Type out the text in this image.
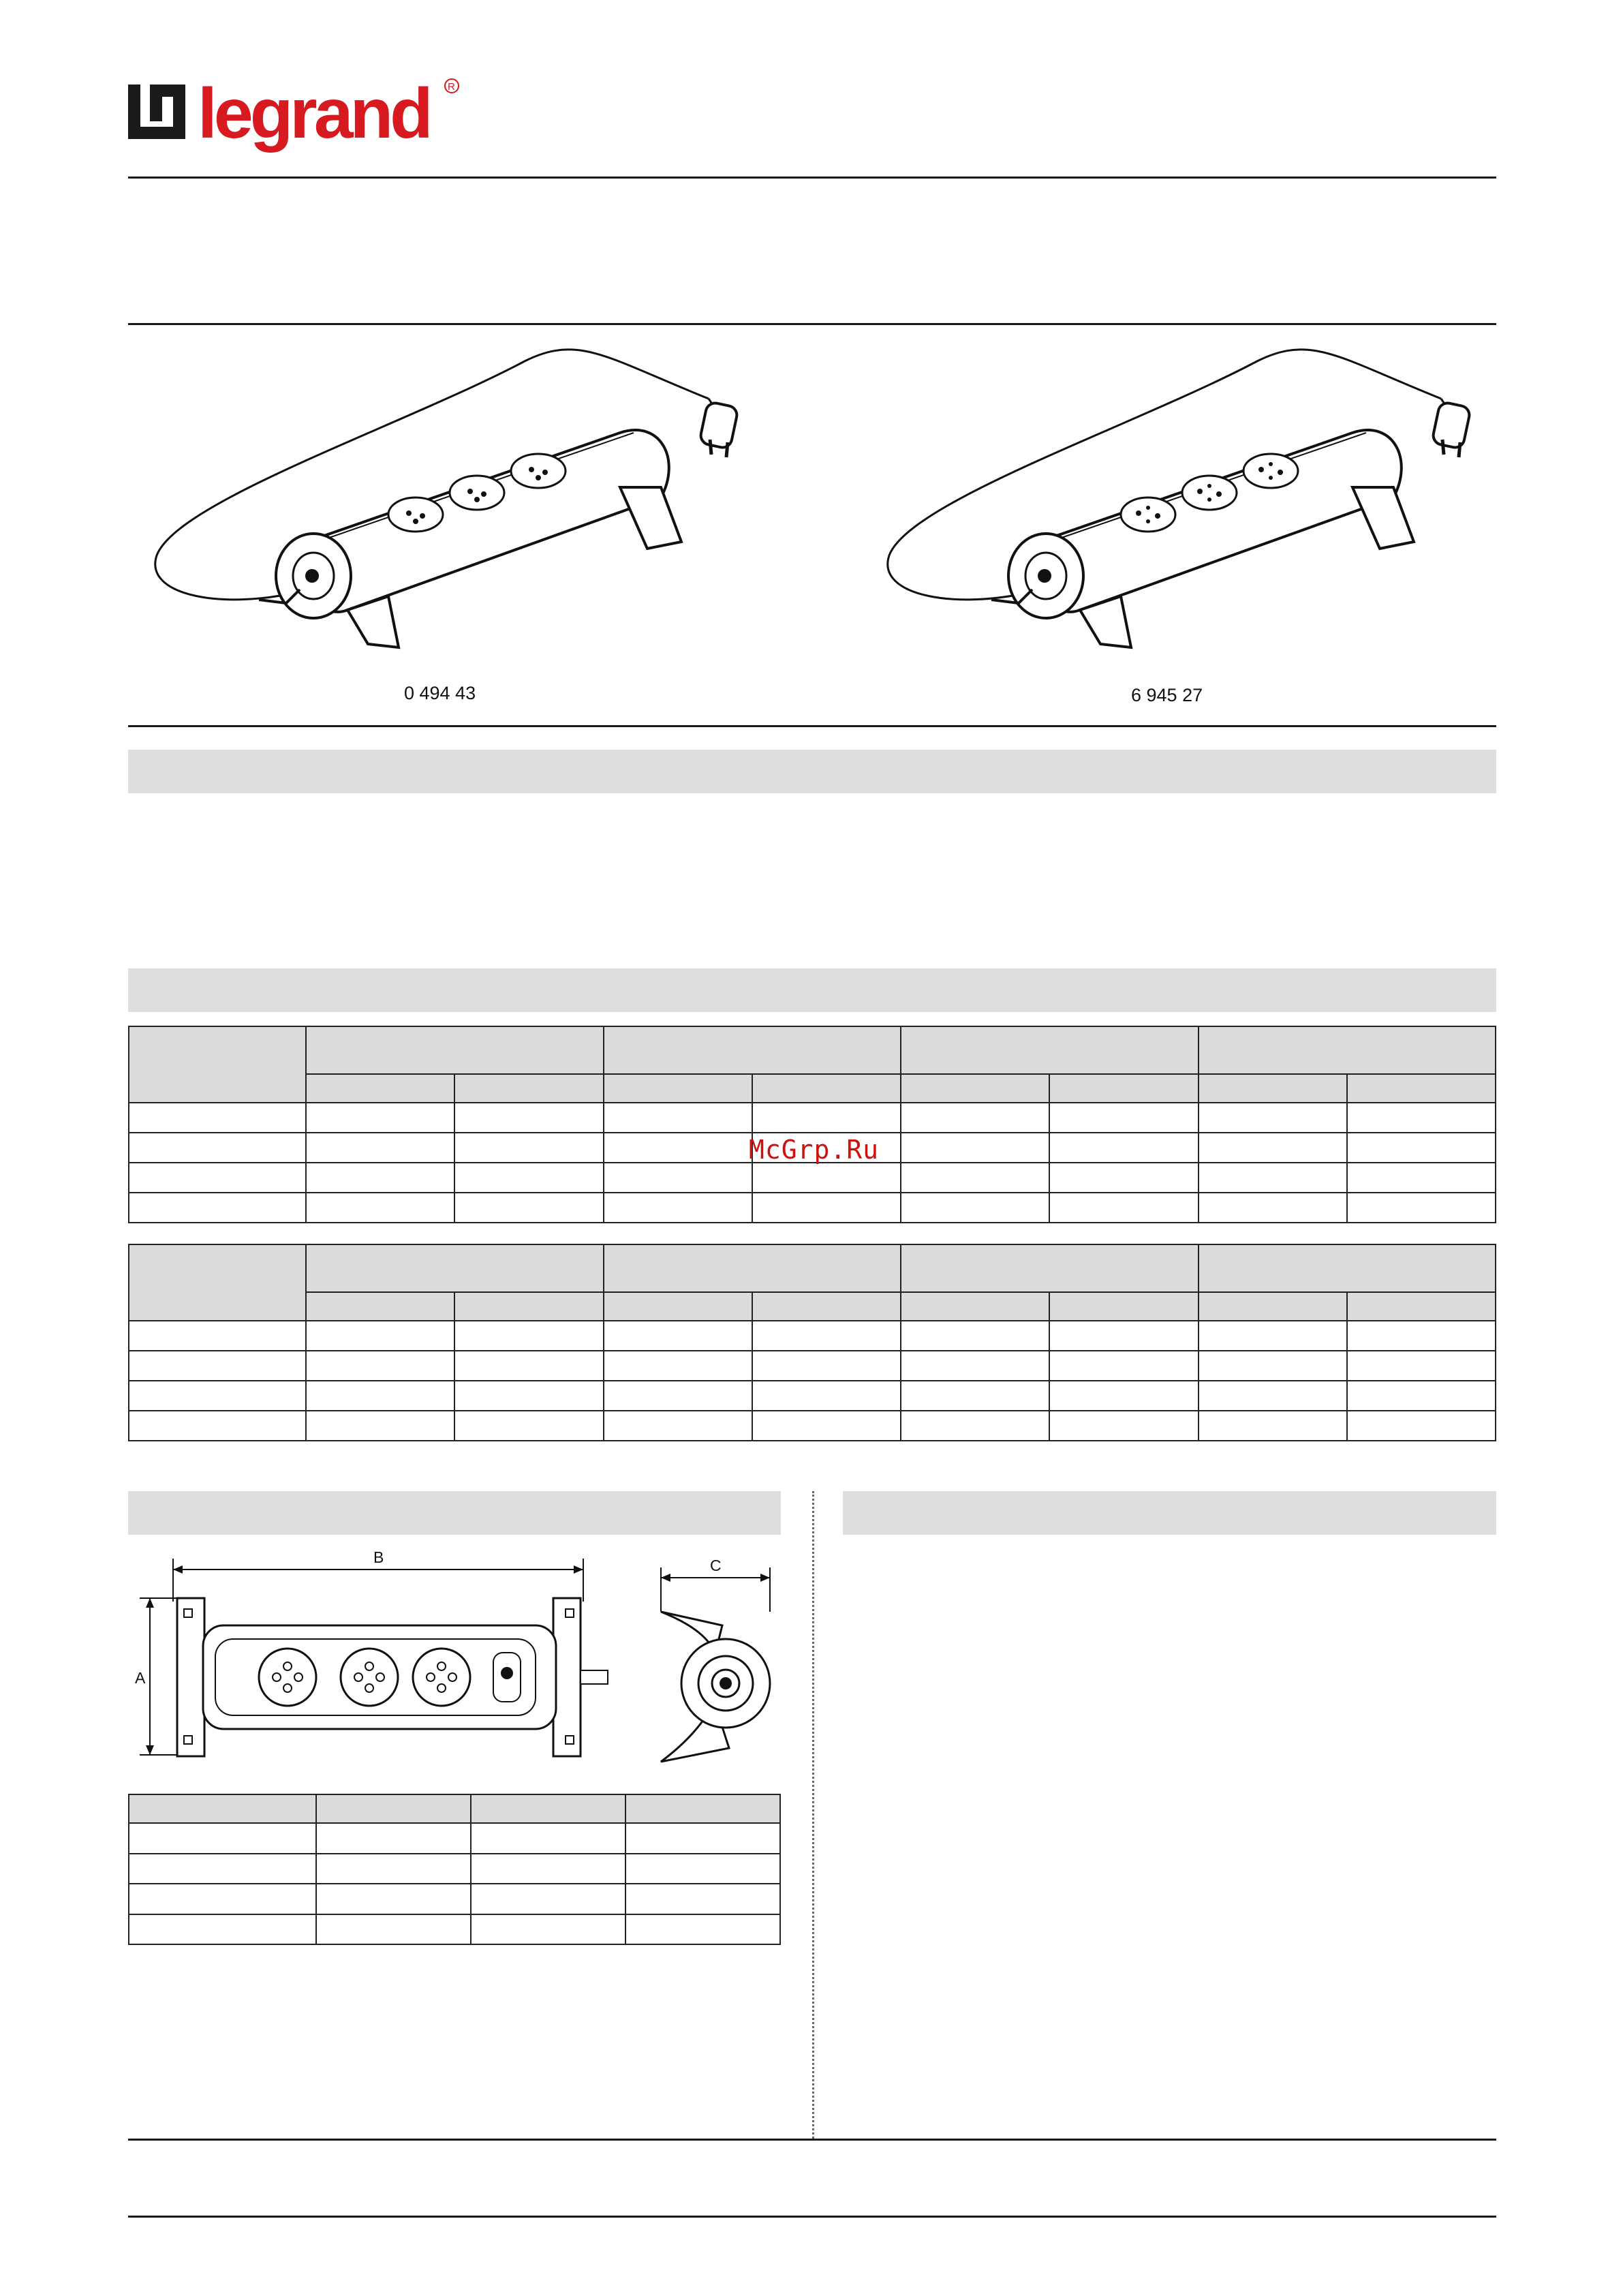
legrand R
0 494 43	6 945 27

McGrp.Ru

B
A
C
